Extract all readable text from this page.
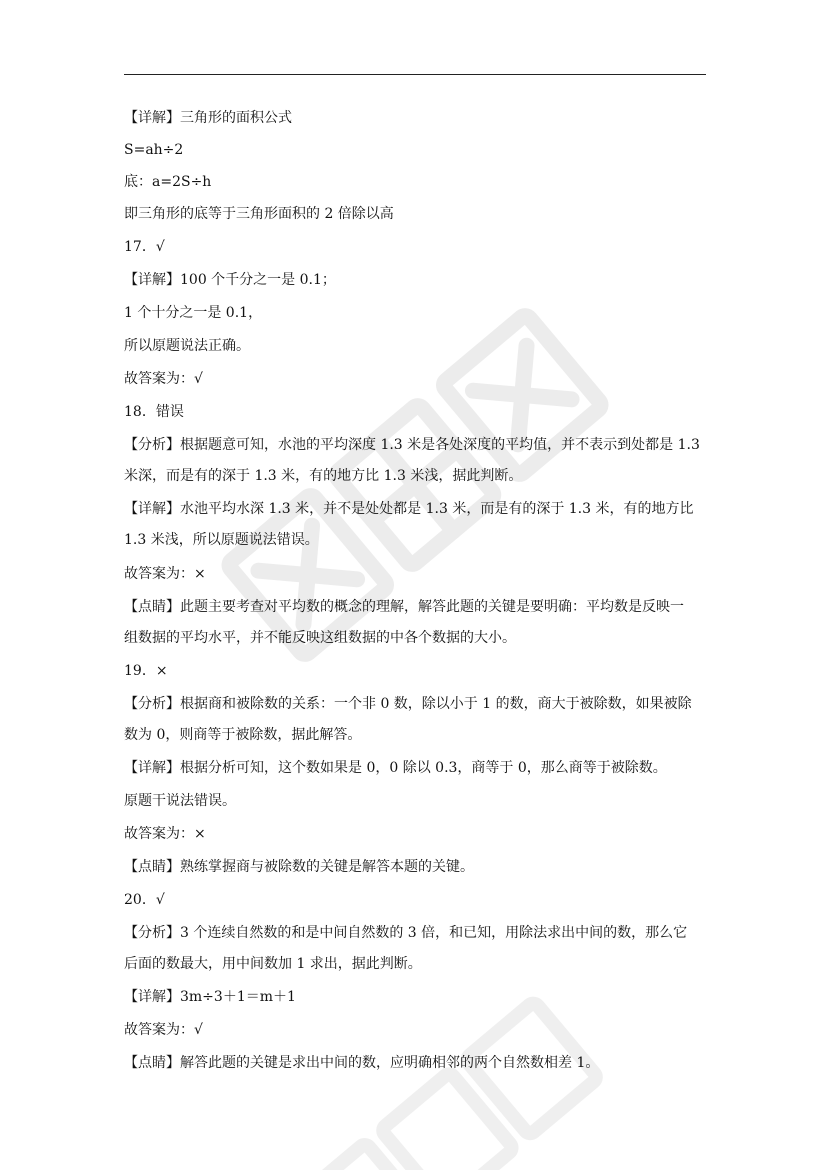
【详解】三角形的面积公式
S=ah÷2
底：a=2S÷h
即三角形的底等于三角形面积的 2 倍除以高
17．√
【详解】100 个千分之一是 0.1；
1 个十分之一是 0.1，
所以原题说法正确。
故答案为：√
18．错误
【分析】根据题意可知，水池的平均深度 1.3 米是各处深度的平均值，并不表示到处都是 1.3
米深，而是有的深于 1.3 米，有的地方比 1.3 米浅，据此判断。
【详解】水池平均水深 1.3 米，并不是处处都是 1.3 米，而是有的深于 1.3 米，有的地方比
1.3 米浅，所以原题说法错误。
故答案为：×
【点睛】此题主要考查对平均数的概念的理解，解答此题的关键是要明确：平均数是反映一
组数据的平均水平，并不能反映这组数据的中各个数据的大小。
19．×
【分析】根据商和被除数的关系：一个非 0 数，除以小于 1 的数，商大于被除数，如果被除
数为 0，则商等于被除数，据此解答。
【详解】根据分析可知，这个数如果是 0，0 除以 0.3，商等于 0，那么商等于被除数。
原题干说法错误。
故答案为：×
【点睛】熟练掌握商与被除数的关键是解答本题的关键。
20．√
【分析】3 个连续自然数的和是中间自然数的 3 倍，和已知，用除法求出中间的数，那么它
后面的数最大，用中间数加 1 求出，据此判断。
【详解】3m÷3＋1＝m＋1
故答案为：√
【点睛】解答此题的关键是求出中间的数，应明确相邻的两个自然数相差 1。
